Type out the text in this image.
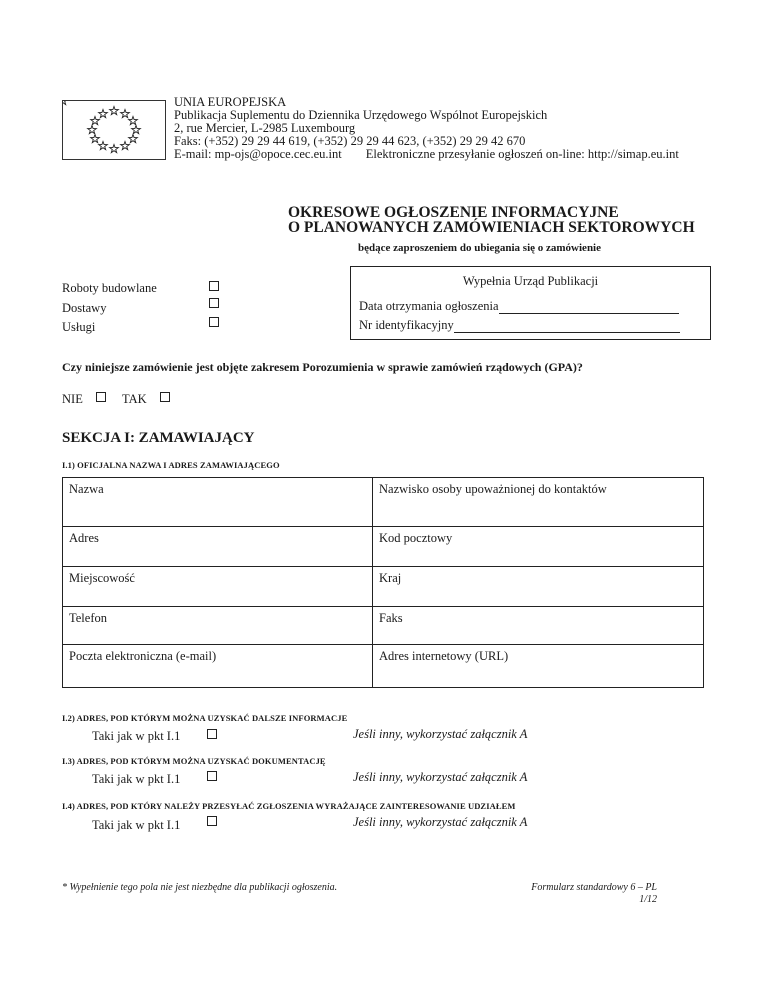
UNIA EUROPEJSKA
Publikacja Suplementu do Dziennika Urzędowego Wspólnot Europejskich
2, rue Mercier, L-2985 Luxembourg
Faks: (+352) 29 29 44 619, (+352) 29 29 44 623, (+352) 29 29 42 670
E-mail: mp-ojs@opoce.cec.eu.int Elektroniczne przesyłanie ogłoszeń on-line: http://simap.eu.int
OKRESOWE OGŁOSZENIE INFORMACYJNE
O PLANOWANYCH ZAMÓWIENIACH SEKTOROWYCH
będące zaproszeniem do ubiegania się o zamówienie
Roboty budowlane
Dostawy
Usługi
Wypełnia Urząd Publikacji
Data otrzymania ogłoszenia
Nr identyfikacyjny
Czy niniejsze zamówienie jest objęte zakresem Porozumienia w sprawie zamówień rządowych (GPA)?
NIE	TAK
SEKCJA I: ZAMAWIAJĄCY
I.1) OFICJALNA NAZWA I ADRES ZAMAWIAJĄCEGO
Nazwa	Nazwisko osoby upoważnionej do kontaktów
Adres	Kod pocztowy
Miejscowość	Kraj
Telefon	Faks
Poczta elektroniczna (e-mail)	Adres internetowy (URL)
I.2) ADRES, POD KTÓRYM MOŻNA UZYSKAĆ DALSZE INFORMACJE
Taki jak w pkt I.1	Jeśli inny, wykorzystać załącznik A
I.3) ADRES, POD KTÓRYM MOŻNA UZYSKAĆ DOKUMENTACJĘ
Taki jak w pkt I.1	Jeśli inny, wykorzystać załącznik A
I.4) ADRES, POD KTÓRY NALEŻY PRZESYŁAĆ ZGŁOSZENIA WYRAŻAJĄCE ZAINTERESOWANIE UDZIAŁEM
Taki jak w pkt I.1	Jeśli inny, wykorzystać załącznik A
* Wypełnienie tego pola nie jest niezbędne dla publikacji ogłoszenia.	Formularz standardowy 6 – PL
1/12
